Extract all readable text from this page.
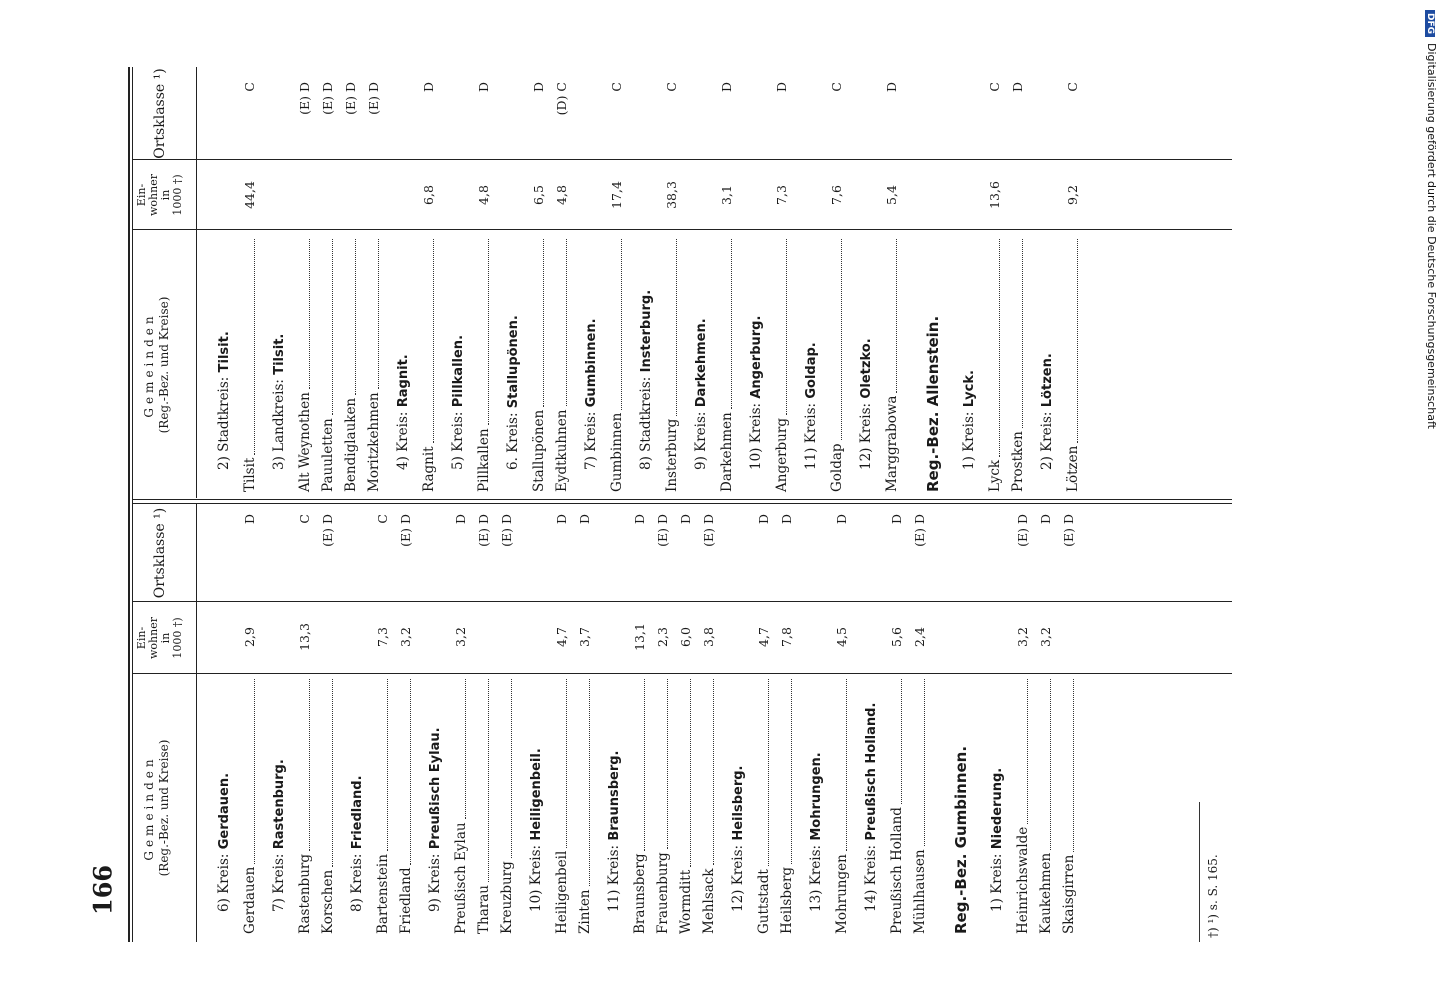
166
Gemeinden (Reg.-Bez. und Kreise)
Ein- wohner in 1000 †)
Ortsklasse ¹)
Gemeinden (Reg.-Bez. und Kreise)
Ein- wohner in 1000 †)
Ortsklasse ¹)
6) Kreis: Gerdauen.
Gerdauen
2,9
D
7) Kreis: Rastenburg.
Rastenburg
13,3
C
Korschen
(E) D
8) Kreis: Friedland.
Bartenstein
7,3
C
Friedland
3,2
(E) D
9) Kreis: Preußisch Eylau.
Preußisch Eylau
3,2
D
Tharau
(E) D
Kreuzburg
(E) D
10) Kreis: Heiligenbeil.
Heiligenbeil
4,7
D
Zinten
3,7
D
11) Kreis: Braunsberg.
Braunsberg
13,1
D
Frauenburg
2,3
(E) D
Wormditt
6,0
D
Mehlsack
3,8
(E) D
12) Kreis: Heilsberg.
Guttstadt
4,7
D
Heilsberg
7,8
D
13) Kreis: Mohrungen.
Mohrungen
4,5
D
14) Kreis: Preußisch Holland.
Preußisch Holland
5,6
D
Mühlhausen
2,4
(E) D
Reg.-Bez. Gumbinnen.	1) Kreis: Niederung.
Heinrichswalde
3,2
(E) D
Kaukehmen
3,2
D
Skaisgirren
(E) D
2) Stadtkreis: Tilsit.
Tilsit
44,4
C
3) Landkreis: Tilsit.
Alt Weynothen
(E) D
Pauuletten
(E) D
Bendiglauken
(E) D
Moritzkehmen
(E) D
4) Kreis: Ragnit.
Ragnit
6,8
D
5) Kreis: Pillkallen.
Pillkallen
4,8
D
6. Kreis: Stallupönen.
Stallupönen
6,5
D
Eydtkuhnen
4,8
(D) C
7) Kreis: Gumbinnen.
Gumbinnen
17,4
C
8) Stadtkreis: Insterburg.
Insterburg
38,3
C
9) Kreis: Darkehmen.
Darkehmen
3,1
D
10) Kreis: Angerburg.
Angerburg
7,3
D
11) Kreis: Goldap.
Goldap
7,6
C
12) Kreis: Oletzko.
Marggrabowa
5,4
D
Reg.-Bez. Allenstein.	1) Kreis: Lyck.
Lyck
13,6
C
Prostken
D
2) Kreis: Lötzen.
Lötzen
9,2
C
†) ¹) s. S. 165.
DFGDigitalisierung gefördert durch die Deutsche Forschungsgemeinschaft
